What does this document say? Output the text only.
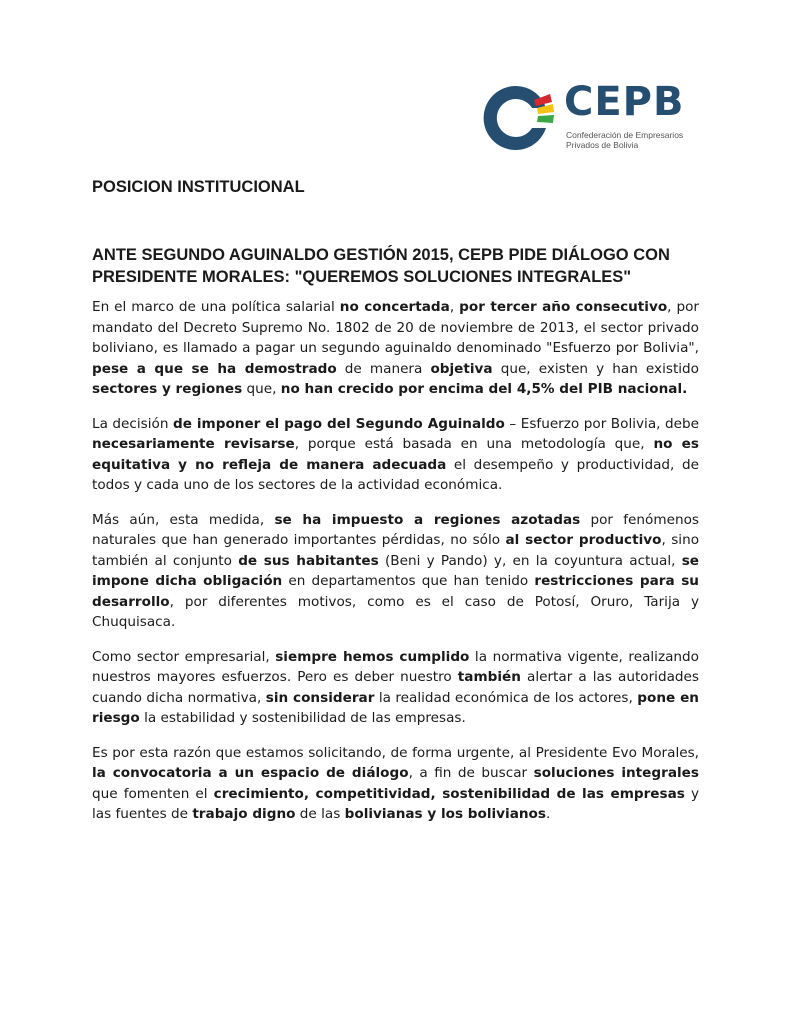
CEPB
Confederación de Empresarios
Privados de Bolivia
POSICION INSTITUCIONAL
ANTE SEGUNDO AGUINALDO GESTIÓN 2015, CEPB PIDE DIÁLOGO CON
PRESIDENTE MORALES: "QUEREMOS SOLUCIONES INTEGRALES"

En el marco de una política salarial no concertada, por tercer año consecutivo, por mandato del Decreto Supremo No. 1802 de 20 de noviembre de 2013, el sector privado boliviano, es llamado a pagar un segundo aguinaldo denominado "Esfuerzo por Bolivia", pese a que se ha demostrado de manera objetiva que, existen y han existido sectores y regiones que, no han crecido por encima del 4,5% del PIB nacional.

La decisión de imponer el pago del Segundo Aguinaldo – Esfuerzo por Bolivia, debe necesariamente revisarse, porque está basada en una metodología que, no es equitativa y no refleja de manera adecuada el desempeño y productividad, de todos y cada uno de los sectores de la actividad económica.

Más aún, esta medida, se ha impuesto a regiones azotadas por fenómenos naturales que han generado importantes pérdidas, no sólo al sector productivo, sino también al conjunto de sus habitantes (Beni y Pando) y, en la coyuntura actual, se impone dicha obligación en departamentos que han tenido restricciones para su desarrollo, por diferentes motivos, como es el caso de Potosí, Oruro, Tarija y Chuquisaca.

Como sector empresarial, siempre hemos cumplido la normativa vigente, realizando nuestros mayores esfuerzos. Pero es deber nuestro también alertar a las autoridades cuando dicha normativa, sin considerar la realidad económica de los actores, pone en riesgo la estabilidad y sostenibilidad de las empresas.

Es por esta razón que estamos solicitando, de forma urgente, al Presidente Evo Morales, la convocatoria a un espacio de diálogo, a fin de buscar soluciones integrales que fomenten el crecimiento, competitividad, sostenibilidad de las empresas y las fuentes de trabajo digno de las bolivianas y los bolivianos.
